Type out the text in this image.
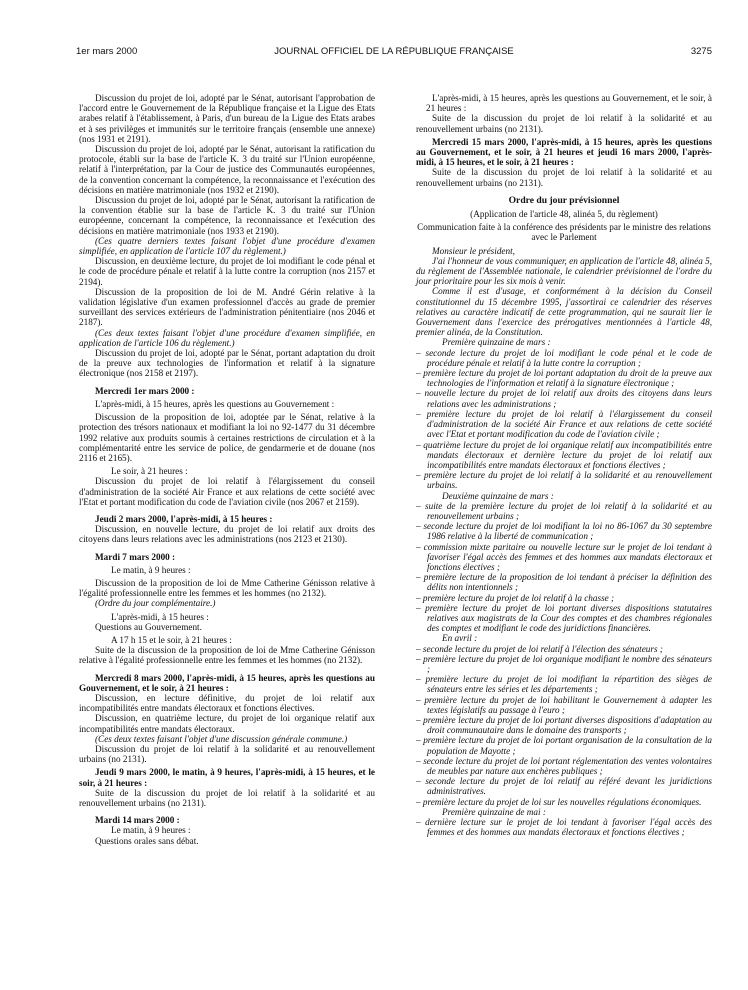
1er mars 2000	JOURNAL OFFICIEL DE LA RÉPUBLIQUE FRANÇAISE	3275

Discussion du projet de loi, adopté par le Sénat, autorisant l'approbation de l'accord entre le Gouvernement de la République française et la Ligue des Etats arabes relatif à l'établissement, à Paris, d'un bureau de la Ligue des Etats arabes et à ses privilèges et immunités sur le territoire français (ensemble une annexe) (nos 1931 et 2191).

Discussion du projet de loi, adopté par le Sénat, autorisant la ratification du protocole, établi sur la base de l'article K. 3 du traité sur l'Union européenne, relatif à l'interprétation, par la Cour de justice des Communautés européennes, de la convention concernant la compétence, la reconnaissance et l'exécution des décisions en matière matrimoniale (nos 1932 et 2190).

Discussion du projet de loi, adopté par le Sénat, autorisant la ratification de la convention établie sur la base de l'article K. 3 du traité sur l'Union européenne, concernant la compétence, la reconnaissance et l'exécution des décisions en matière matrimoniale (nos 1933 et 2190).

(Ces quatre derniers textes faisant l'objet d'une procédure d'examen simplifiée, en application de l'article 107 du règlement.)

Discussion, en deuxième lecture, du projet de loi modifiant le code pénal et le code de procédure pénale et relatif à la lutte contre la corruption (nos 2157 et 2194).

Discussion de la proposition de loi de M. André Gérin relative à la validation législative d'un examen professionnel d'accès au grade de premier surveillant des services extérieurs de l'administration pénitentiaire (nos 2046 et 2187).

(Ces deux textes faisant l'objet d'une procédure d'examen simplifiée, en application de l'article 106 du règlement.)

Discussion du projet de loi, adopté par le Sénat, portant adaptation du droit de la preuve aux technologies de l'information et relatif à la signature électronique (nos 2158 et 2197).

Mercredi 1er mars 2000 :

L'après-midi, à 15 heures, après les questions au Gouvernement :

Discussion de la proposition de loi, adoptée par le Sénat, relative à la protection des trésors nationaux et modifiant la loi no 92-1477 du 31 décembre 1992 relative aux produits soumis à certaines restrictions de circulation et à la complémentarité entre les service de police, de gendarmerie et de douane (nos 2116 et 2165).

Le soir, à 21 heures :

Discussion du projet de loi relatif à l'élargissement du conseil d'administration de la société Air France et aux relations de cette société avec l'Etat et portant modification du code de l'aviation civile (nos 2067 et 2159).

Jeudi 2 mars 2000, l'après-midi, à 15 heures :

Discussion, en nouvelle lecture, du projet de loi relatif aux droits des citoyens dans leurs relations avec les administrations (nos 2123 et 2130).

Mardi 7 mars 2000 :

Le matin, à 9 heures :

Discussion de la proposition de loi de Mme Catherine Génisson relative à l'égalité professionnelle entre les femmes et les hommes (no 2132).

(Ordre du jour complémentaire.)

L'après-midi, à 15 heures :

Questions au Gouvernement.

A 17 h 15 et le soir, à 21 heures :

Suite de la discussion de la proposition de loi de Mme Catherine Génisson relative à l'égalité professionnelle entre les femmes et les hommes (no 2132).

Mercredi 8 mars 2000, l'après-midi, à 15 heures, après les questions au Gouvernement, et le soir, à 21 heures :

Discussion, en lecture définitive, du projet de loi relatif aux incompatibilités entre mandats électoraux et fonctions électives.

Discussion, en quatrième lecture, du projet de loi organique relatif aux incompatibilités entre mandats électoraux.

(Ces deux textes faisant l'objet d'une discussion générale commune.)

Discussion du projet de loi relatif à la solidarité et au renouvellement urbains (no 2131).

Jeudi 9 mars 2000, le matin, à 9 heures, l'après-midi, à 15 heures, et le soir, à 21 heures :

Suite de la discussion du projet de loi relatif à la solidarité et au renouvellement urbains (no 2131).

Mardi 14 mars 2000 :

Le matin, à 9 heures :

Questions orales sans débat.

L'après-midi, à 15 heures, après les questions au Gouvernement, et le soir, à 21 heures :

Suite de la discussion du projet de loi relatif à la solidarité et au renouvellement urbains (no 2131).

Mercredi 15 mars 2000, l'après-midi, à 15 heures, après les questions au Gouvernement, et le soir, à 21 heures et jeudi 16 mars 2000, l'après-midi, à 15 heures, et le soir, à 21 heures :

Suite de la discussion du projet de loi relatif à la solidarité et au renouvellement urbains (no 2131).

Ordre du jour prévisionnel

(Application de l'article 48, alinéa 5, du règlement)

Communication faite à la conférence des présidents par le ministre des relations avec le Parlement

Monsieur le président,

J'ai l'honneur de vous communiquer, en application de l'article 48, alinéa 5, du règlement de l'Assemblée nationale, le calendrier prévisionnel de l'ordre du jour prioritaire pour les six mois à venir.

Comme il est d'usage, et conformément à la décision du Conseil constitutionnel du 15 décembre 1995, j'assortirai ce calendrier des réserves relatives au caractère indicatif de cette programmation, qui ne saurait lier le Gouvernement dans l'exercice des prérogatives mentionnées à l'article 48, premier alinéa, de la Constitution.

Première quinzaine de mars :

– seconde lecture du projet de loi modifiant le code pénal et le code de procédure pénale et relatif à la lutte contre la corruption ;
– première lecture du projet de loi portant adaptation du droit de la preuve aux technologies de l'information et relatif à la signature électronique ;
– nouvelle lecture du projet de loi relatif aux droits des citoyens dans leurs relations avec les administrations ;
– première lecture du projet de loi relatif à l'élargissement du conseil d'administration de la société Air France et aux relations de cette société avec l'Etat et portant modification du code de l'aviation civile ;
– quatrième lecture du projet de loi organique relatif aux incompatibilités entre mandats électoraux et dernière lecture du projet de loi relatif aux incompatibilités entre mandats électoraux et fonctions électives ;
– première lecture du projet de loi relatif à la solidarité et au renouvellement urbains.

Deuxième quinzaine de mars :

– suite de la première lecture du projet de loi relatif à la solidarité et au renouvellement urbains ;
– seconde lecture du projet de loi modifiant la loi no 86-1067 du 30 septembre 1986 relative à la liberté de communication ;
– commission mixte paritaire ou nouvelle lecture sur le projet de loi tendant à favoriser l'égal accès des femmes et des hommes aux mandats électoraux et fonctions électives ;
– première lecture de la proposition de loi tendant à préciser la définition des délits non intentionnels ;
– première lecture du projet de loi relatif à la chasse ;
– première lecture du projet de loi portant diverses dispositions statutaires relatives aux magistrats de la Cour des comptes et des chambres régionales des comptes et modifiant le code des juridictions financières.

En avril :

– seconde lecture du projet de loi relatif à l'élection des sénateurs ;
– première lecture du projet de loi organique modifiant le nombre des sénateurs ;
– première lecture du projet de loi modifiant la répartition des sièges de sénateurs entre les séries et les départements ;
– première lecture du projet de loi habilitant le Gouvernement à adapter les textes législatifs au passage à l'euro ;
– première lecture du projet de loi portant diverses dispositions d'adaptation au droit communautaire dans le domaine des transports ;
– première lecture du projet de loi portant organisation de la consultation de la population de Mayotte ;
– seconde lecture du projet de loi portant réglementation des ventes volontaires de meubles par nature aux enchères publiques ;
– seconde lecture du projet de loi relatif au référé devant les juridictions administratives.
– première lecture du projet de loi sur les nouvelles régulations économiques.

Première quinzaine de mai :

– dernière lecture sur le projet de loi tendant à favoriser l'égal accès des femmes et des hommes aux mandats électoraux et fonctions électives ;
